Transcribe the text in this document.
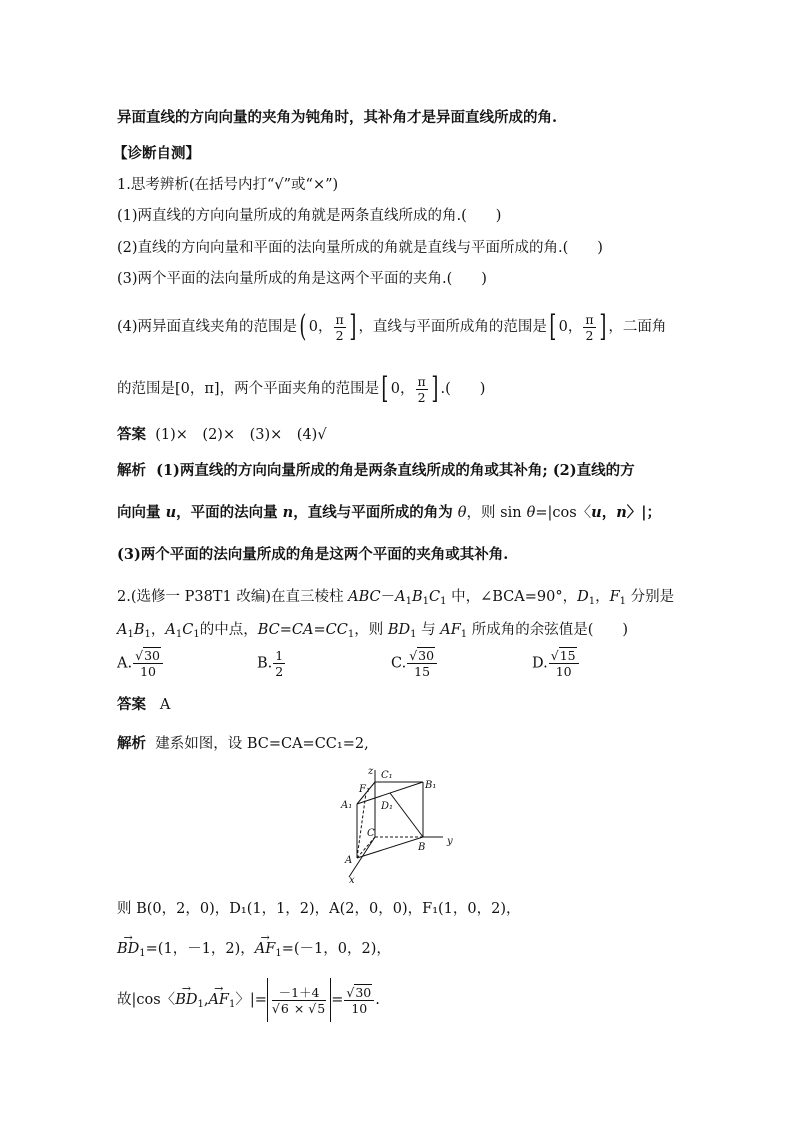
异面直线的方向向量的夹角为钝角时，其补角才是异面直线所成的角.
【诊断自测】
1.思考辨析(在括号内打“√”或“×”)
(1)两直线的方向向量所成的角就是两条直线所成的角.(　　)
(2)直线的方向向量和平面的法向量所成的角就是直线与平面所成的角.(　　)
(3)两个平面的法向量所成的角是这两个平面的夹角.(　　)
(4)两异面直线夹角的范围是( 0， $\frac{\pi}{2}$ ] ，直线与平面所成角的范围是[ 0， $\frac{\pi}{2}$ ] ，二面角
的范围是[0，π]，两个平面夹角的范围是[ 0， $\frac{\pi}{2}$ ] .(　　)
答案 (1)×　(2)×　(3)×　(4)√
解析 (1)两直线的方向向量所成的角是两条直线所成的角或其补角; (2)直线的方
向向量 u，平面的法向量 n，直线与平面所成的角为 θ，则 sin θ=|cos〈u，n〉|；
(3)两个平面的法向量所成的角是这两个平面的夹角或其补角.
2.(选修一 P38T1 改编)在直三棱柱 $ABC-A_1B_1C_1$ 中，∠BCA=90°，$D_1$，$F_1$ 分别是
$A_1B_1$，$A_1C_1$的中点，$BC=CA=CC_1$，则 $BD_1$ 与 $AF_1$ 所成角的余弦值是(　　)
A. $\frac{√30}{10}$	B. $\frac{1}{2}$	C. $\frac{√30}{15}$	D. $\frac{√15}{10}$
答案 A
解析 建系如图，设 BC=CA=CC₁=2,
z
y
x
C₁
B₁
F₁
A₁	D₁
C
A
B
则 B(0，2，0)，D₁(1，1，2)，A(2，0，0)，F₁(1，0，2)，
→ $BD_1=(1$，－1，2)，→ $AF_1=(-1$，0，2)，
故|cos〈→ $BD_1,\to AF_1$〉|= $\frac{-1+4}{√6 \times √5} = \frac{√30}{10}$ .
